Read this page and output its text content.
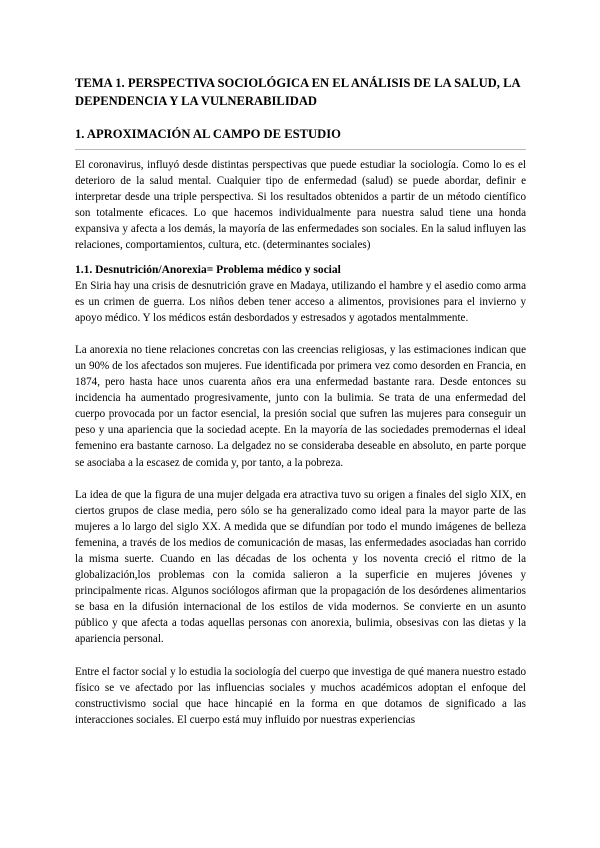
TEMA 1. PERSPECTIVA SOCIOLÓGICA EN EL ANÁLISIS DE LA SALUD, LA DEPENDENCIA Y LA VULNERABILIDAD
1. APROXIMACIÓN AL CAMPO DE ESTUDIO

El coronavirus, influyó desde distintas perspectivas que puede estudiar la sociología. Como lo es el deterioro de la salud mental. Cualquier tipo de enfermedad (salud) se puede abordar, definir e interpretar desde una triple perspectiva. Si los resultados obtenidos a partir de un método científico son totalmente eficaces. Lo que hacemos individualmente para nuestra salud tiene una honda expansiva y afecta a los demás, la mayoría de las enfermedades son sociales. En la salud influyen las relaciones, comportamientos, cultura, etc. (determinantes sociales)

1.1. Desnutrición/Anorexia= Problema médico y social

En Siria hay una crisis de desnutrición grave en Madaya, utilizando el hambre y el asedio como arma es un crimen de guerra. Los niños deben tener acceso a alimentos, provisiones para el invierno y apoyo médico. Y los médicos están desbordados y estresados y agotados mentalmmente.

La anorexia no tiene relaciones concretas con las creencias religiosas, y las estimaciones indican que un 90% de los afectados son mujeres. Fue identificada por primera vez como desorden en Francia, en 1874, pero hasta hace unos cuarenta años era una enfermedad bastante rara. Desde entonces su incidencia ha aumentado progresivamente, junto con la bulimia. Se trata de una enfermedad del cuerpo provocada por un factor esencial, la presión social que sufren las mujeres para conseguir un peso y una apariencia que la sociedad acepte. En la mayoría de las sociedades premodernas el ideal femenino era bastante carnoso. La delgadez no se consideraba deseable en absoluto, en parte porque se asociaba a la escasez de comida y, por tanto, a la pobreza.

La idea de que la figura de una mujer delgada era atractiva tuvo su origen a finales del siglo XIX, en ciertos grupos de clase media, pero sólo se ha generalizado como ideal para la mayor parte de las mujeres a lo largo del siglo XX. A medida que se difundían por todo el mundo imágenes de belleza femenina, a través de los medios de comunicación de masas, las enfermedades asociadas han corrido la misma suerte. Cuando en las décadas de los ochenta y los noventa creció el ritmo de la globalización,los problemas con la comida salieron a la superficie en mujeres jóvenes y principalmente ricas. Algunos sociólogos afirman que la propagación de los desórdenes alimentarios se basa en la difusión internacional de los estilos de vida modernos. Se convierte en un asunto público y que afecta a todas aquellas personas con anorexia, bulimia, obsesivas con las dietas y la apariencia personal.

Entre el factor social y lo estudia la sociología del cuerpo que investiga de qué manera nuestro estado físico se ve afectado por las influencias sociales y muchos académicos adoptan el enfoque del constructivismo social que hace hincapié en la forma en que dotamos de significado a las interacciones sociales. El cuerpo está muy influido por nuestras experiencias
